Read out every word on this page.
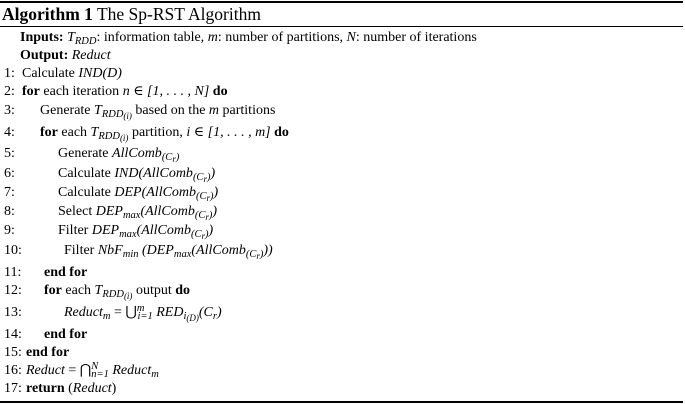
Algorithm 1 The Sp-RST Algorithm
Inputs: $T_{RDD}$: information table, m: number of partitions, N: number of iterations
Output: Reduct
1: Calculate IND(D)
2: for each iteration n ∈ [1, . . . , N] do
3:	Generate $T_{RDD_{(i)}}$ based on the m partitions
4:	for each $T_{RDD_{(i)}}$ partition, i ∈ [1, . . . , m] do
5:	Generate AllComb$_{(C_r)}$
6:	Calculate IND(AllComb$_{(C_r)}$)
7:	Calculate DEP(AllComb$_{(C_r)}$)
8:	Select $DEP_{max}(AllComb_{(C_r)})$
9:	Filter $DEP_{max}(AllComb_{(C_r)})$
10:	Filter NbF$_{min}$ $(DEP_{max}(AllComb_{(C_r)}))$
11:	end for
12:	for each $T_{RDD_{(i)}}$ output do
13:	Reduct$_m$ = ⋃$^m_{i=1}$ $RED_{i_{(D)}}(C_r)$
14:	end for
15: end for
16: Reduct = ⋂$^N_{n=1}$ Reduct$_m$
17: return (Reduct)
